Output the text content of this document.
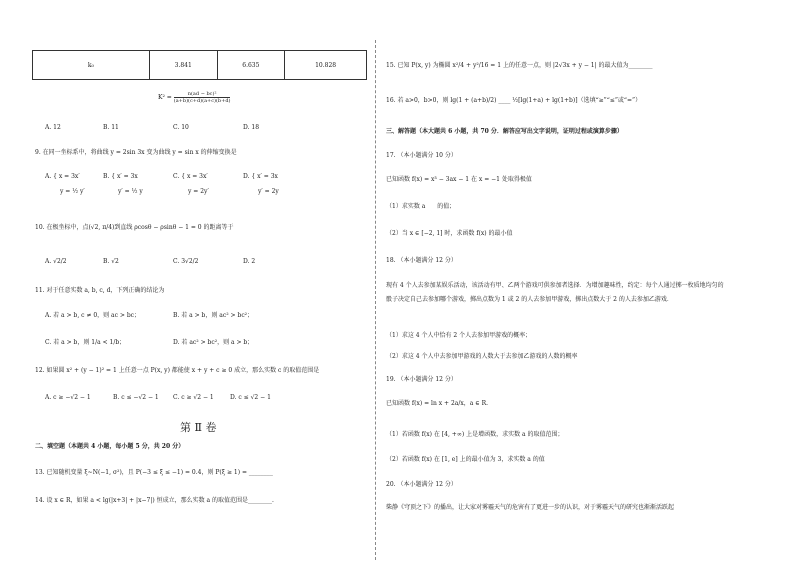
k₀	3.841	6.635	10.828
$K^2 = \frac{\text{n(ad − bc)²}}{(a+b)(c+d)(a+c)(b+d)}$
A. 12	B. 11	C. 10	D. 18
9. 在同一坐标系中，将曲线 y = 2sin 3x 变为曲线 y = sin x 的伸缩变换是
A. { x = 3x′
y = ½ y′
B. { x′ = 3x
y′ = ½ y
C. { x = 3x′
y = 2y′
D. { x′ = 3x
y′ = 2y
10. 在极坐标中，点(√2, π/4)到直线 ρcosθ − ρsinθ − 1 = 0 的距离等于
A. √2/2	B. √2	C. 3√2/2	D. 2
11. 对于任意实数 a, b, c, d，下列正确的结论为
A. 若 a > b, c ≠ 0，则 ac > bc；	B. 若 a > b，则 ac² > bc²；
C. 若 a > b，则 1/a < 1/b；	D. 若 ac² > bc²，则 a > b；
12. 如果圆 x² + (y − 1)² = 1 上任意一点 P(x, y) 都能使 x + y + c ≥ 0 成立，那么实数 c 的取值范围是
A. c ≥ −√2 − 1	B. c ≤ −√2 − 1 C. c ≥ √2 − 1	D. c ≤ √2 − 1
第 Ⅱ 卷
二、填空题（本题共 4 小题，每小题 5 分，共 20 分）
13. 已知随机变量 ξ~N(−1, σ²)，且 P(−3 ≤ ξ ≤ −1) = 0.4，则 P(ξ ≥ 1) = ________
14. 设 x ∈ R，如果 a < lg(|x+3| + |x−7|) 恒成立，那么实数 a 的取值范围是________.
15. 已知 P(x, y) 为椭圆 x²/4 + y²/16 = 1 上的任意一点，则 |2√3x + y − 1| 的最大值为________
16. 若 a>0，b>0，则 lg(1 + (a+b)/2) ____ ½[lg(1+a) + lg(1+b)]（选填“≥”“≤”或“=”）
三、解答题（本大题共 6 小题，共 70 分．解答应写出文字说明，证明过程或演算步骤）
17. （本小题满分 10 分）
已知函数 f(x) = x³ − 3ax − 1 在 x = −1 处取得极值
（1）求实数 a　　的值；
（2）当 x ∈ [−2, 1] 时，求函数 f(x) 的最小值
18. （本小题满分 12 分）
现有 4 个人去参加某娱乐活动，该活动有甲、乙两个游戏可供参加者选择．为增加趣味性，约定：每个人通过掷一枚质地均匀的骰子决定自己去参加哪个游戏，掷出点数为 1 或 2 的人去参加甲游戏，掷出点数大于 2 的人去参加乙游戏．
（1）求这 4 个人中恰有 2 个人去参加甲游戏的概率；
（2）求这 4 个人中去参加甲游戏的人数大于去参加乙游戏的人数的概率
19. （本小题满分 12 分）
已知函数 f(x) = ln x + 2a/x，a ∈ R.
（1）若函数 f(x) 在 [4, +∞) 上是增函数，求实数 a 的取值范围；
（2）若函数 f(x) 在 [1, e] 上的最小值为 3，求实数 a 的值
20. （本小题满分 12 分）
柴静《穹顶之下》的播出，让大家对雾霾天气的危害有了更进一步的认识，对于雾霾天气的研究也渐渐活跃起
